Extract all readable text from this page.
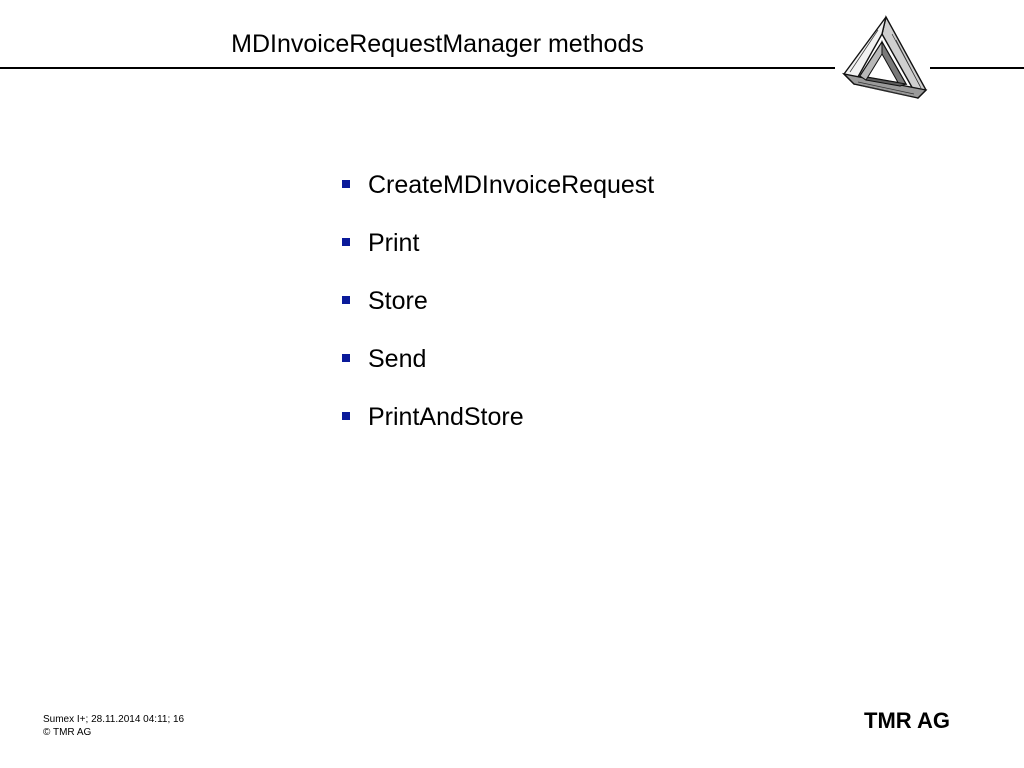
MDInvoiceRequestManager methods
CreateMDInvoiceRequest
Print
Store
Send
PrintAndStore
Sumex I+; 28.11.2014 04:11; 16
© TMR AG	TMR AG
